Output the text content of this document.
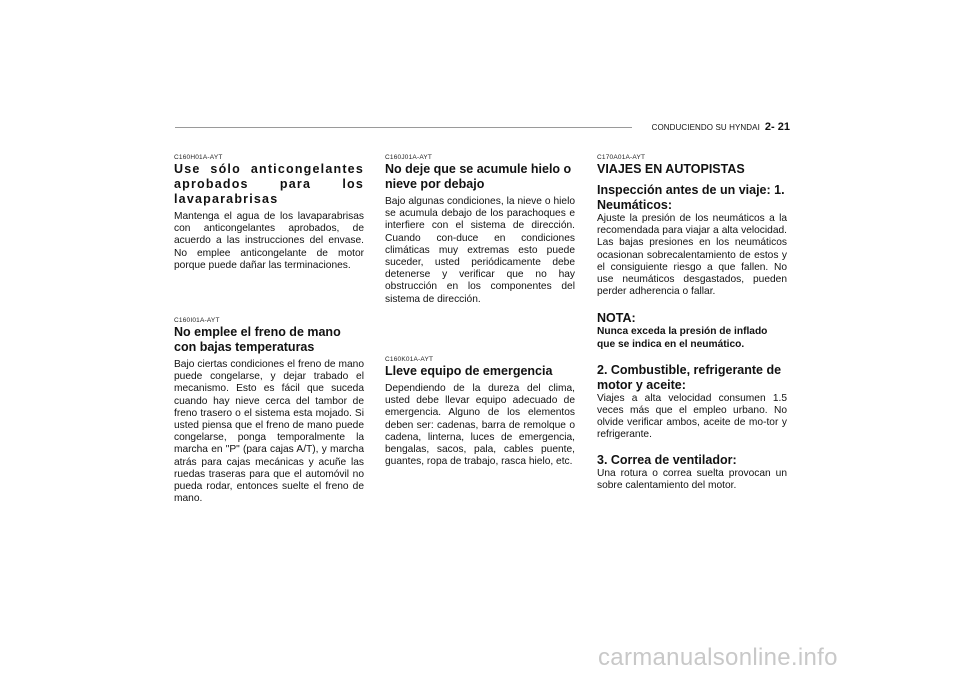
CONDUCIENDO SU HYNDAI 2- 21

C160H01A-AYT

Use sólo anticongelantes aprobados para los lavaparabrisas

Mantenga el agua de los lavaparabrisas con anticongelantes aprobados, de acuerdo a las instrucciones del envase. No emplee anticongelante de motor porque puede dañar las terminaciones.

C160I01A-AYT

No emplee el freno de mano con bajas temperaturas

Bajo ciertas condiciones el freno de mano puede congelarse, y dejar trabado el mecanismo. Esto es fácil que suceda cuando hay nieve cerca del tambor de freno trasero o el sistema esta mojado. Si usted piensa que el freno de mano puede congelarse, ponga temporalmente la marcha en "P" (para cajas A/T), y marcha atrás para cajas mecánicas y acuñe las ruedas traseras para que el automóvil no pueda rodar, entonces suelte el freno de mano.

C160J01A-AYT

No deje que se acumule hielo o nieve por debajo

Bajo algunas condiciones, la nieve o hielo se acumula debajo de los parachoques e interfiere con el sistema de dirección. Cuando con-duce en condiciones climáticas muy extremas esto puede suceder, usted periódicamente debe detenerse y verificar que no hay obstrucción en los componentes del sistema de dirección.

C160K01A-AYT

Lleve equipo de emergencia

Dependiendo de la dureza del clima, usted debe llevar equipo adecuado de emergencia. Alguno de los elementos deben ser: cadenas, barra de remolque o cadena, linterna, luces de emergencia, bengalas, sacos, pala, cables puente, guantes, ropa de trabajo, rasca hielo, etc.

C170A01A-AYT

VIAJES EN AUTOPISTAS
Inspección antes de un viaje: 1. Neumáticos:

Ajuste la presión de los neumáticos a la recomendada para viajar a alta velocidad. Las bajas presiones en los neumáticos ocasionan sobrecalentamiento de estos y el consiguiente riesgo a que fallen. No use neumáticos desgastados, pueden perder adherencia o fallar.

NOTA:

Nunca exceda la presión de inflado que se indica en el neumático.

2. Combustible, refrigerante de motor y aceite:

Viajes a alta velocidad consumen 1.5 veces más que el empleo urbano. No olvide verificar ambos, aceite de mo-tor y refrigerante.

3. Correa de ventilador:

Una rotura o correa suelta provocan un sobre calentamiento del motor.

carmanualsonline.info
